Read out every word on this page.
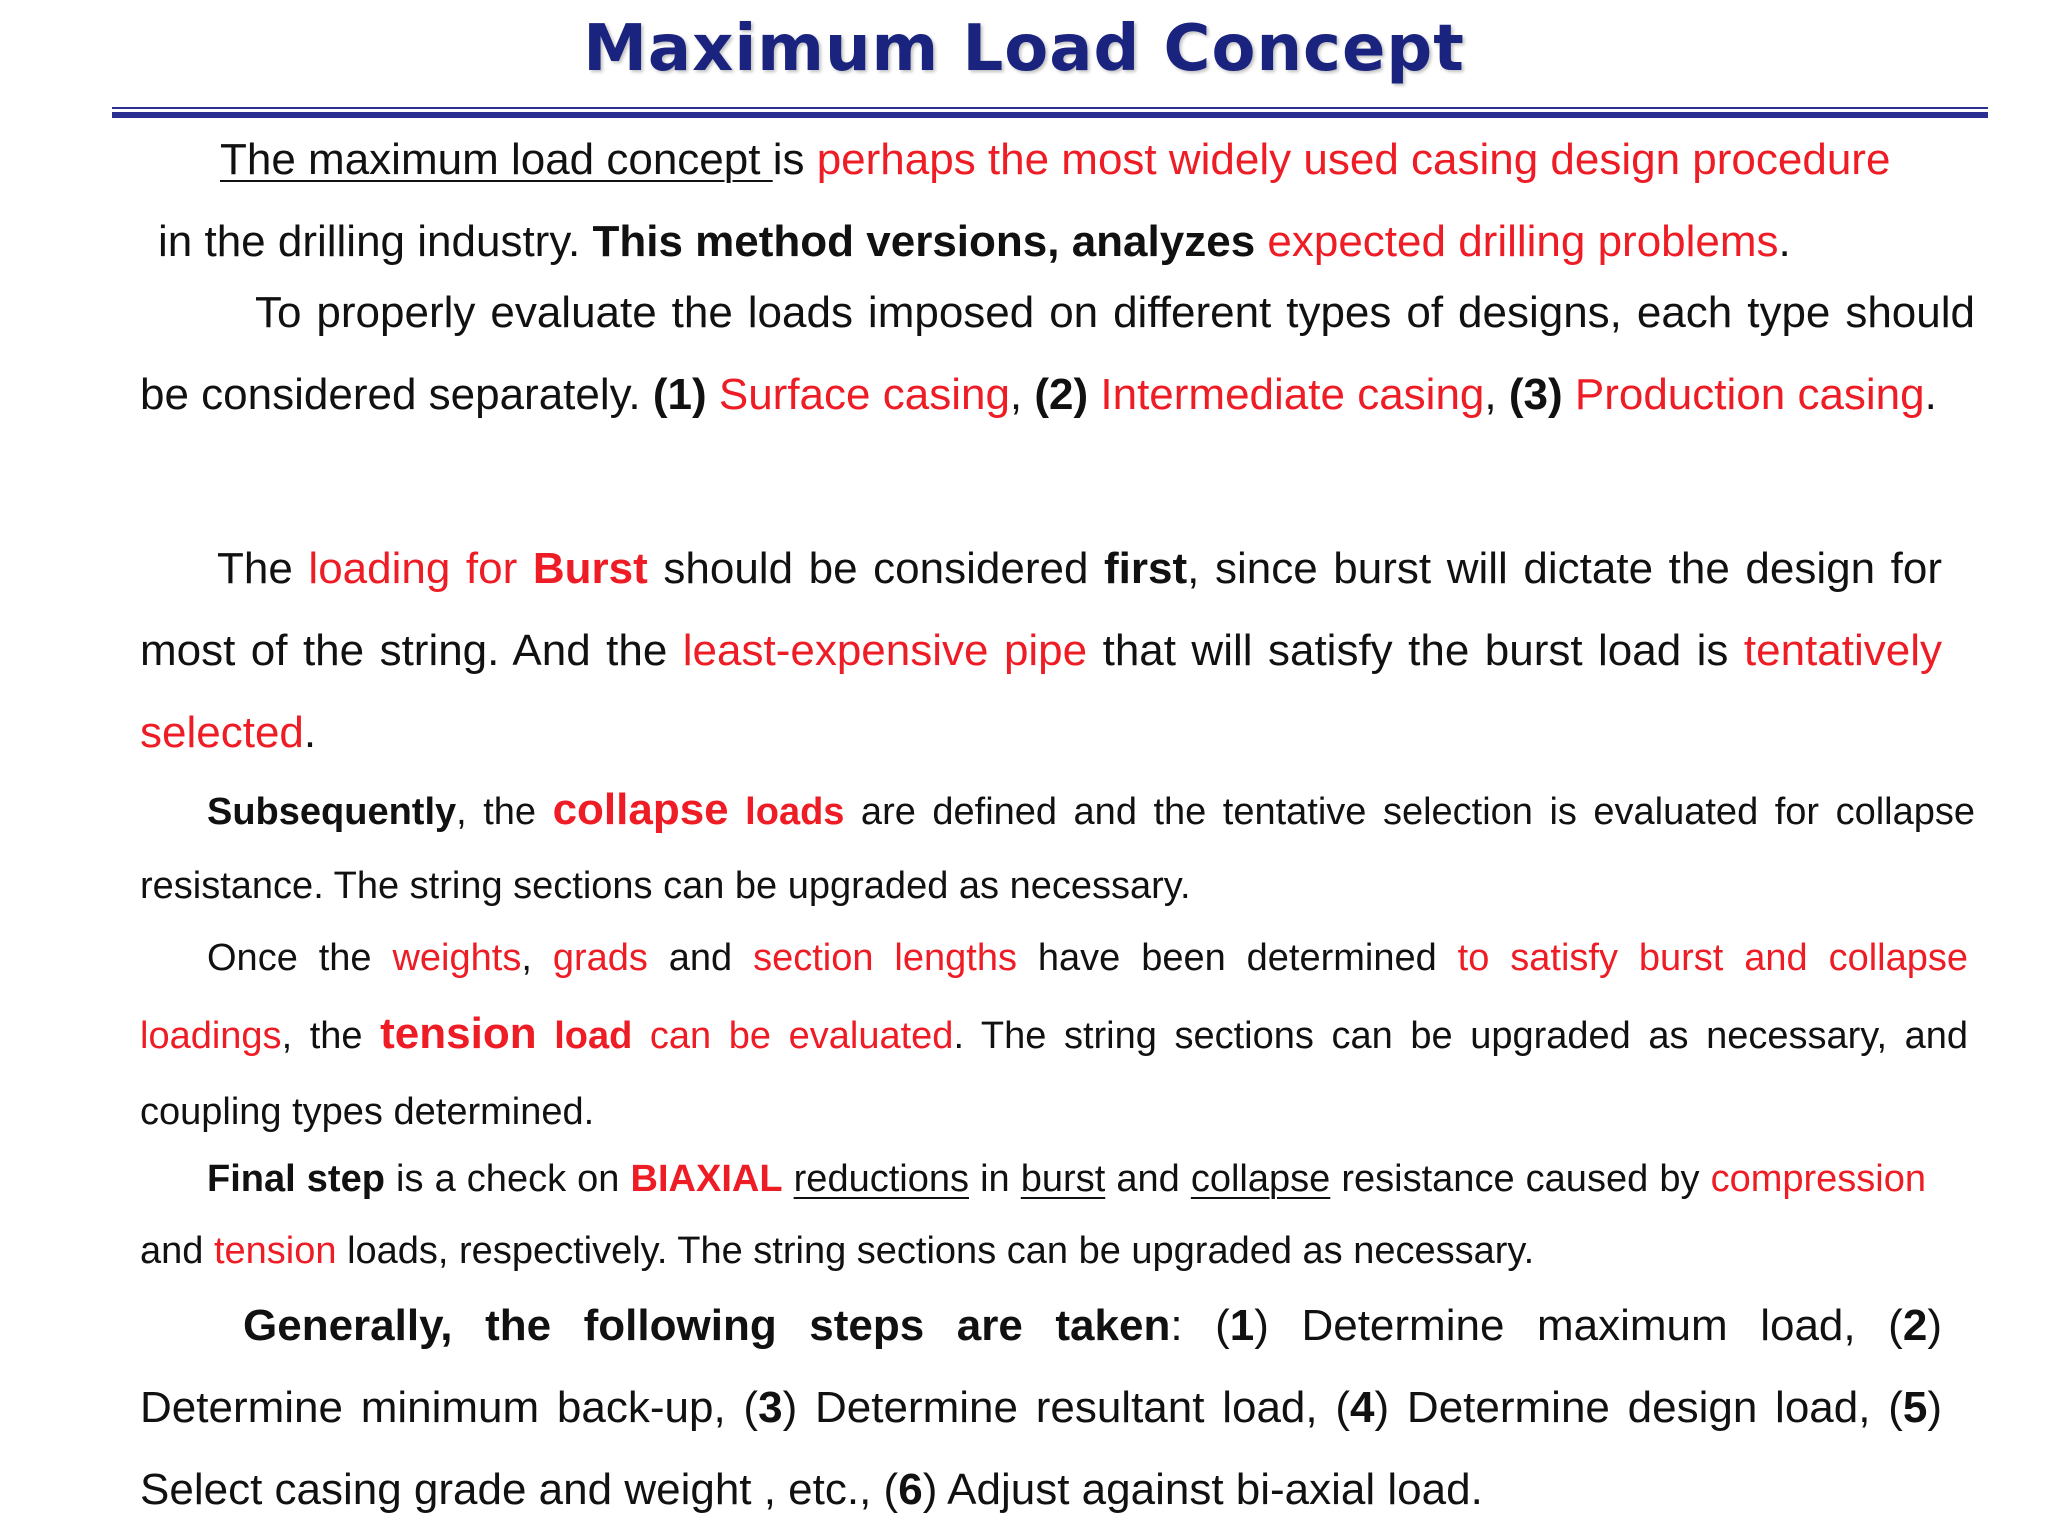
Maximum Load Concept
The maximum load concept is perhaps the most widely used casing design procedure
in the drilling industry. This method versions, analyzes expected drilling problems.

To properly evaluate the loads imposed on different types of designs, each type should be considered separately. (1) Surface casing, (2) Intermediate casing, (3) Production casing.

The loading for Burst should be considered first, since burst will dictate the design for most of the string. And the least-expensive pipe that will satisfy the burst load is tentatively selected.

Subsequently, the collapse loads are defined and the tentative selection is evaluated for collapse resistance. The string sections can be upgraded as necessary.

Once the weights, grads and section lengths have been determined to satisfy burst and collapse loadings, the tension load can be evaluated. The string sections can be upgraded as necessary, and coupling types determined.

Final step is a check on BIAXIAL reductions in burst and collapse resistance caused by compression and tension loads, respectively. The string sections can be upgraded as necessary.

Generally, the following steps are taken: (1) Determine maximum load, (2) Determine minimum back-up, (3) Determine resultant load, (4) Determine design load, (5) Select casing grade and weight , etc., (6) Adjust against bi-axial load.
